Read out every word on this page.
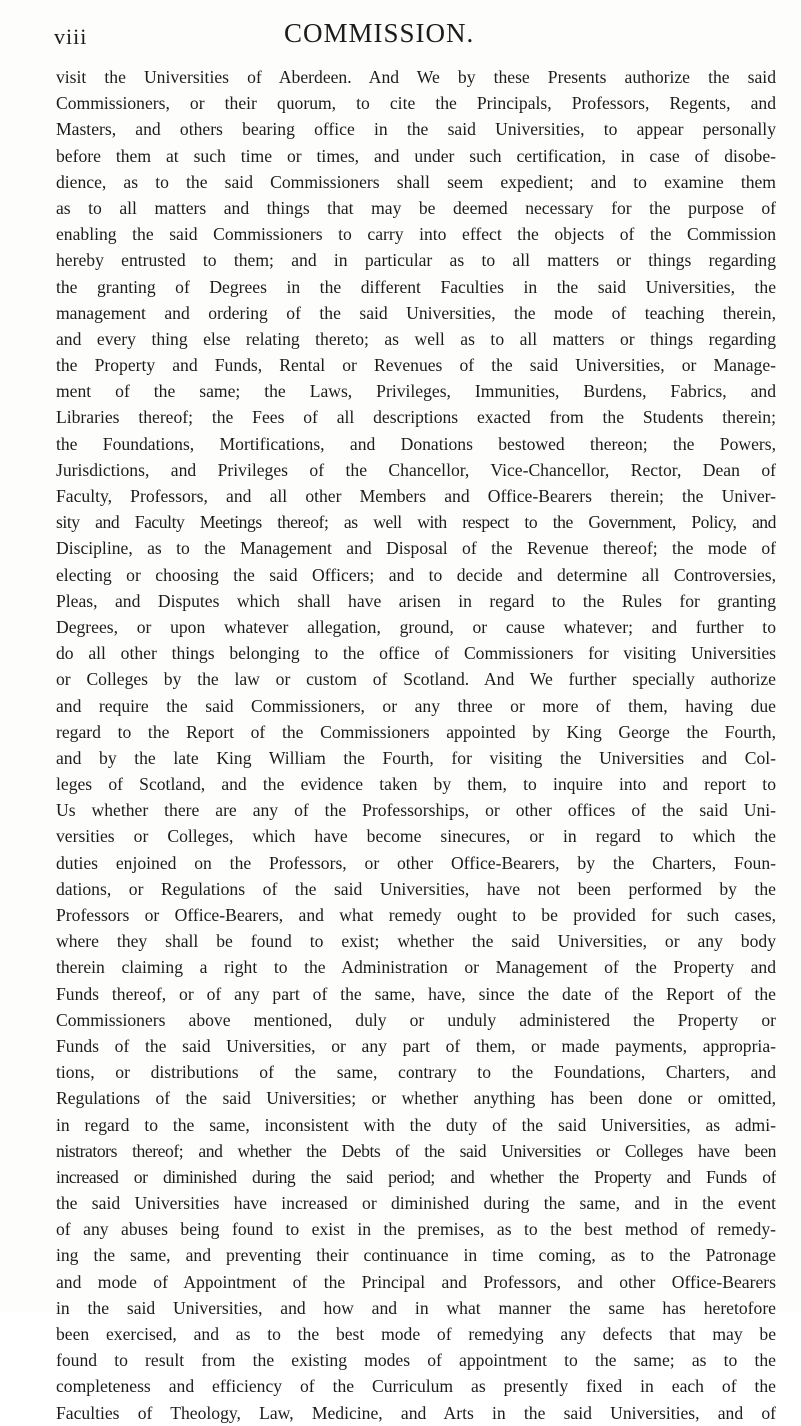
viii	COMMISSION.
visit the Universities of Aberdeen. And We by these Presents authorize the said
Commissioners, or their quorum, to cite the Principals, Professors, Regents, and
Masters, and others bearing office in the said Universities, to appear personally
before them at such time or times, and under such certification, in case of disobe-
dience, as to the said Commissioners shall seem expedient; and to examine them
as to all matters and things that may be deemed necessary for the purpose of
enabling the said Commissioners to carry into effect the objects of the Commission
hereby entrusted to them; and in particular as to all matters or things regarding
the granting of Degrees in the different Faculties in the said Universities, the
management and ordering of the said Universities, the mode of teaching therein,
and every thing else relating thereto; as well as to all matters or things regarding
the Property and Funds, Rental or Revenues of the said Universities, or Manage-
ment of the same; the Laws, Privileges, Immunities, Burdens, Fabrics, and
Libraries thereof; the Fees of all descriptions exacted from the Students therein;
the Foundations, Mortifications, and Donations bestowed thereon; the Powers,
Jurisdictions, and Privileges of the Chancellor, Vice-Chancellor, Rector, Dean of
Faculty, Professors, and all other Members and Office-Bearers therein; the Univer-
sity and Faculty Meetings thereof; as well with respect to the Government, Policy, and
Discipline, as to the Management and Disposal of the Revenue thereof; the mode of
electing or choosing the said Officers; and to decide and determine all Controversies,
Pleas, and Disputes which shall have arisen in regard to the Rules for granting
Degrees, or upon whatever allegation, ground, or cause whatever; and further to
do all other things belonging to the office of Commissioners for visiting Universities
or Colleges by the law or custom of Scotland. And We further specially authorize
and require the said Commissioners, or any three or more of them, having due
regard to the Report of the Commissioners appointed by King George the Fourth,
and by the late King William the Fourth, for visiting the Universities and Col-
leges of Scotland, and the evidence taken by them, to inquire into and report to
Us whether there are any of the Professorships, or other offices of the said Uni-
versities or Colleges, which have become sinecures, or in regard to which the
duties enjoined on the Professors, or other Office-Bearers, by the Charters, Foun-
dations, or Regulations of the said Universities, have not been performed by the
Professors or Office-Bearers, and what remedy ought to be provided for such cases,
where they shall be found to exist; whether the said Universities, or any body
therein claiming a right to the Administration or Management of the Property and
Funds thereof, or of any part of the same, have, since the date of the Report of the
Commissioners above mentioned, duly or unduly administered the Property or
Funds of the said Universities, or any part of them, or made payments, appropria-
tions, or distributions of the same, contrary to the Foundations, Charters, and
Regulations of the said Universities; or whether anything has been done or omitted,
in regard to the same, inconsistent with the duty of the said Universities, as admi-
nistrators thereof; and whether the Debts of the said Universities or Colleges have been
increased or diminished during the said period; and whether the Property and Funds of
the said Universities have increased or diminished during the same, and in the event
of any abuses being found to exist in the premises, as to the best method of remedy-
ing the same, and preventing their continuance in time coming, as to the Patronage
and mode of Appointment of the Principal and Professors, and other Office-Bearers
in the said Universities, and how and in what manner the same has heretofore
been exercised, and as to the best mode of remedying any defects that may be
found to result from the existing modes of appointment to the same; as to the
completeness and efficiency of the Curriculum as presently fixed in each of the
Faculties of Theology, Law, Medicine, and Arts in the said Universities, and of
